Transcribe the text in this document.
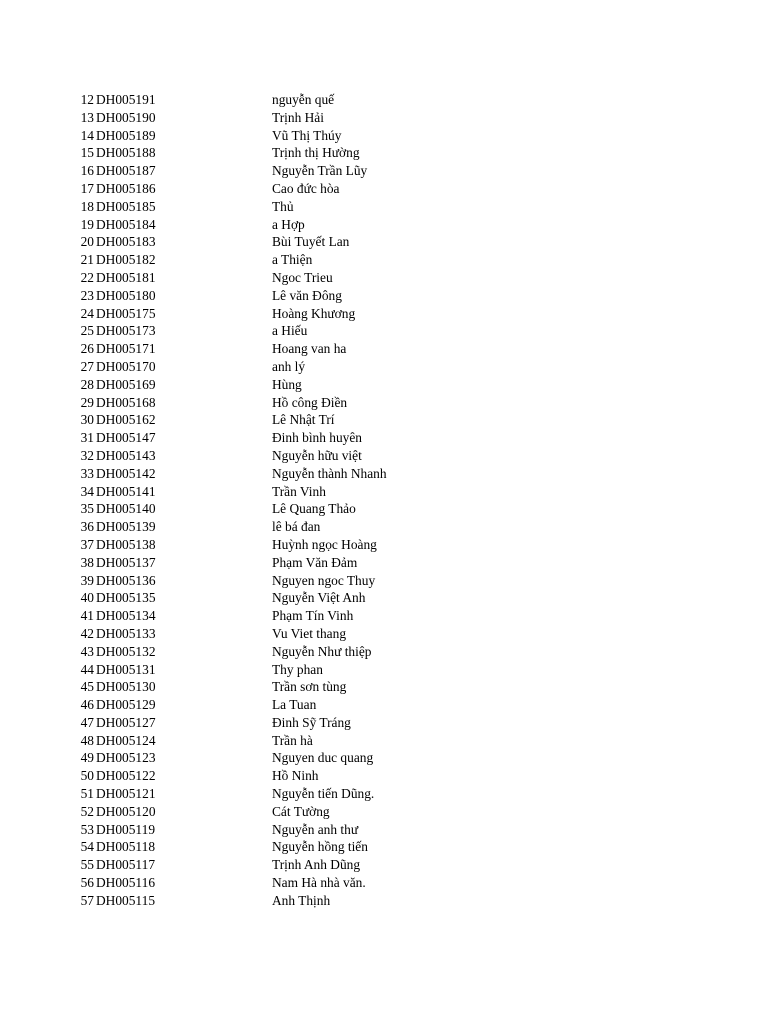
12 DH005191	nguyễn quế
13 DH005190	Trịnh Hải
14 DH005189	Vũ Thị Thúy
15 DH005188	Trịnh thị Hường
16 DH005187	Nguyễn Trần Lũy
17 DH005186	Cao đức hòa
18 DH005185	Thủ
19 DH005184	a Hợp
20 DH005183	Bùi Tuyết Lan
21 DH005182	a Thiện
22 DH005181	Ngoc Trieu
23 DH005180	Lê văn Đông
24 DH005175	Hoàng Khương
25 DH005173	a Hiếu
26 DH005171	Hoang van ha
27 DH005170	anh lý
28 DH005169	Hùng
29 DH005168	Hồ công Điền
30 DH005162	Lê Nhật Trí
31 DH005147	Đinh bình huyên
32 DH005143	Nguyễn hữu việt
33 DH005142	Nguyễn thành Nhanh
34 DH005141	Trần Vinh
35 DH005140	Lê Quang Thảo
36 DH005139	lê bá đan
37 DH005138	Huỳnh ngọc Hoàng
38 DH005137	Phạm Văn Đảm
39 DH005136	Nguyen ngoc Thuy
40 DH005135	Nguyễn Việt Anh
41 DH005134	Phạm Tín Vinh
42 DH005133	Vu Viet thang
43 DH005132	Nguyễn Như thiệp
44 DH005131	Thy phan
45 DH005130	Trần sơn tùng
46 DH005129	La Tuan
47 DH005127	Đinh Sỹ Tráng
48 DH005124	Trần hà
49 DH005123	Nguyen duc quang
50 DH005122	Hồ Ninh
51 DH005121	Nguyễn tiến Dũng.
52 DH005120	Cát Tường
53 DH005119	Nguyễn anh thư
54 DH005118	Nguyễn hồng tiến
55 DH005117	Trịnh Anh Dũng
56 DH005116	Nam Hà nhà văn.
57 DH005115	Anh Thịnh
